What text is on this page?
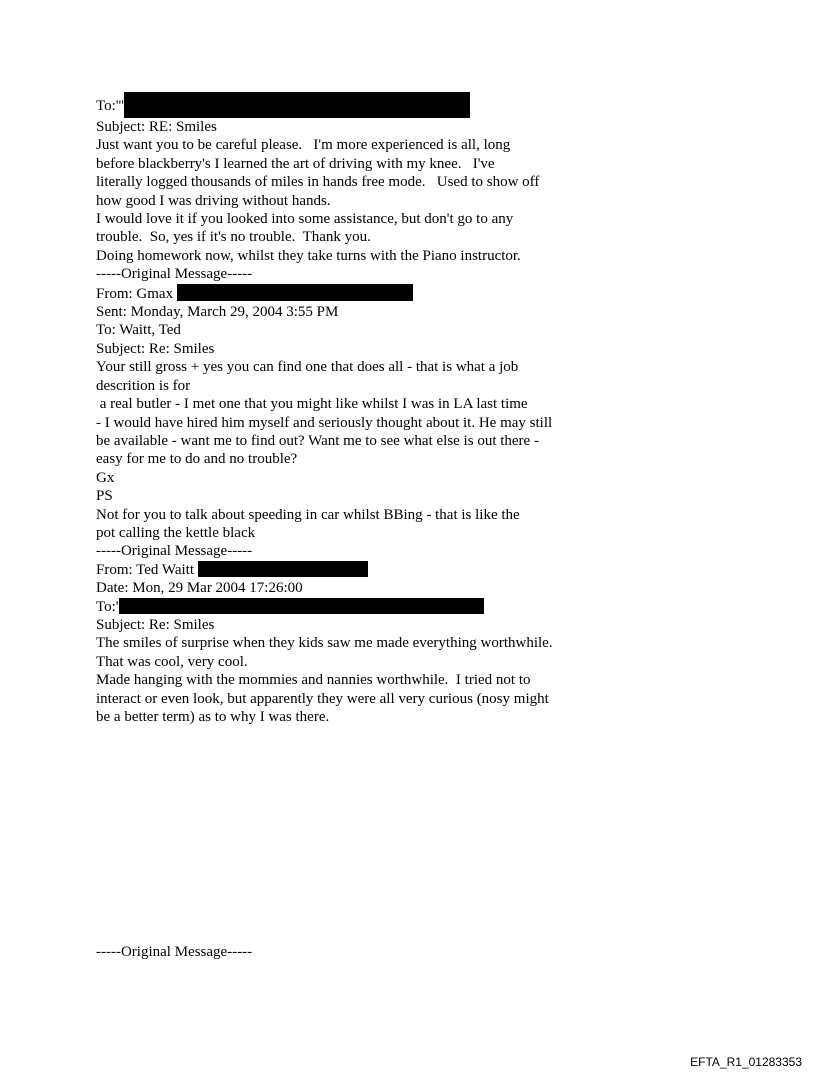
To:'''
Subject: RE: Smiles
Just want you to be careful please.   I'm more experienced is all, long
before blackberry's I learned the art of driving with my knee.   I've
literally logged thousands of miles in hands free mode.   Used to show off
how good I was driving without hands.
I would love it if you looked into some assistance, but don't go to any
trouble.  So, yes if it's no trouble.  Thank you.
Doing homework now, whilst they take turns with the Piano instructor.
-----Original Message-----
From: Gmax
Sent: Monday, March 29, 2004 3:55 PM
To: Waitt, Ted
Subject: Re: Smiles
Your still gross + yes you can find one that does all - that is what a job
descrition is for
a real butler - I met one that you might like whilst I was in LA last time
- I would have hired him myself and seriously thought about it. He may still
be available - want me to find out? Want me to see what else is out there -
easy for me to do and no trouble?
Gx
PS
Not for you to talk about speeding in car whilst BBing - that is like the
pot calling the kettle black
-----Original Message-----
From: Ted Waitt
Date: Mon, 29 Mar 2004 17:26:00
To:'
Subject: Re: Smiles
The smiles of surprise when they kids saw me made everything worthwhile.
That was cool, very cool.
Made hanging with the mommies and nannies worthwhile.  I tried not to
interact or even look, but apparently they were all very curious (nosy might
be a better term) as to why I was there.
-----Original Message-----
EFTA_R1_01283353
